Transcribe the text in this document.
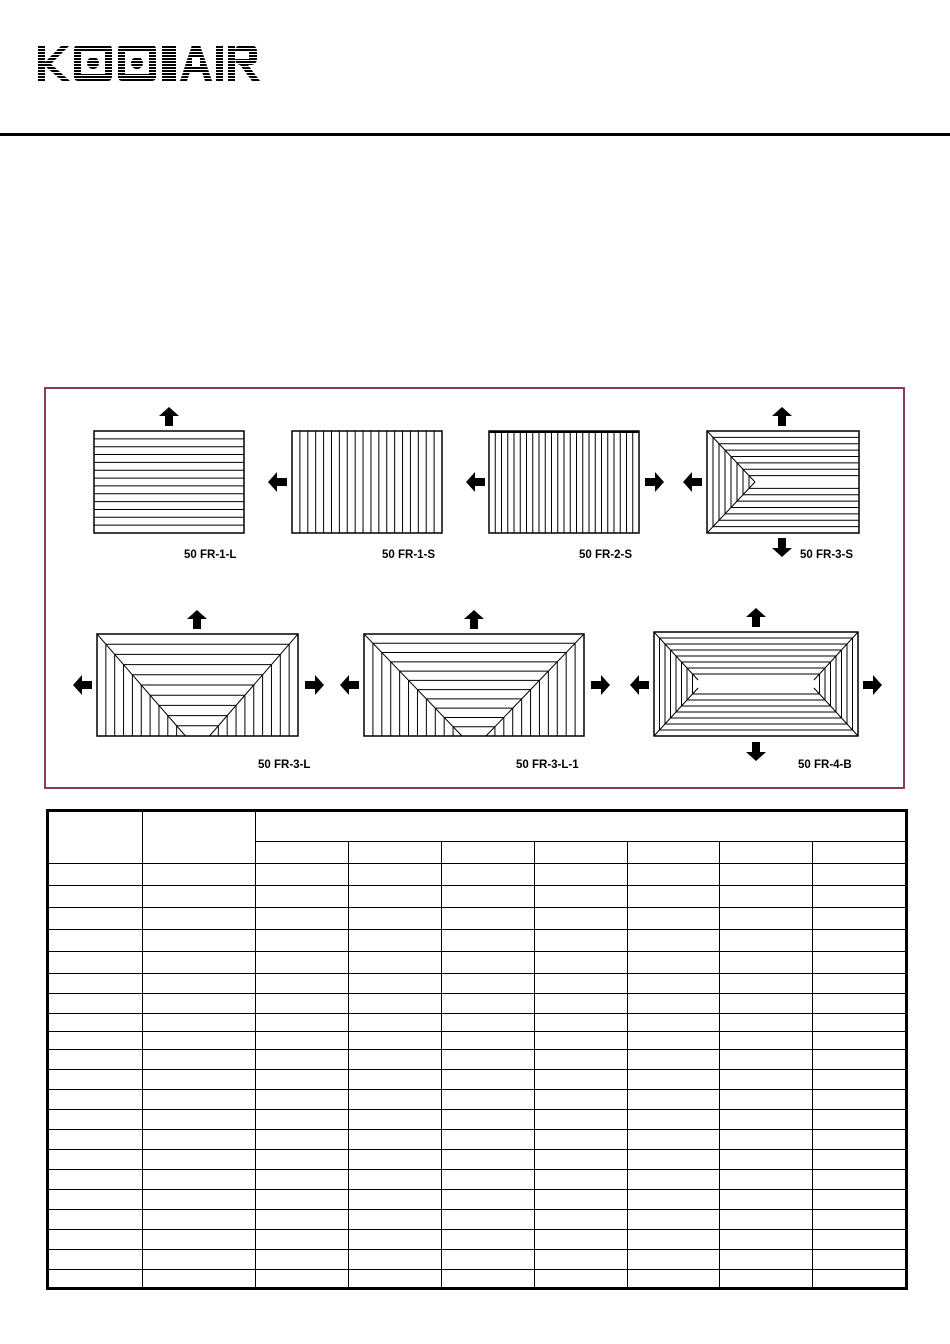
50 FR-1-L	50 FR-1-S	50 FR-2-S	50 FR-3-S
50 FR-3-L	50 FR-3-L-1	50 FR-4-B
